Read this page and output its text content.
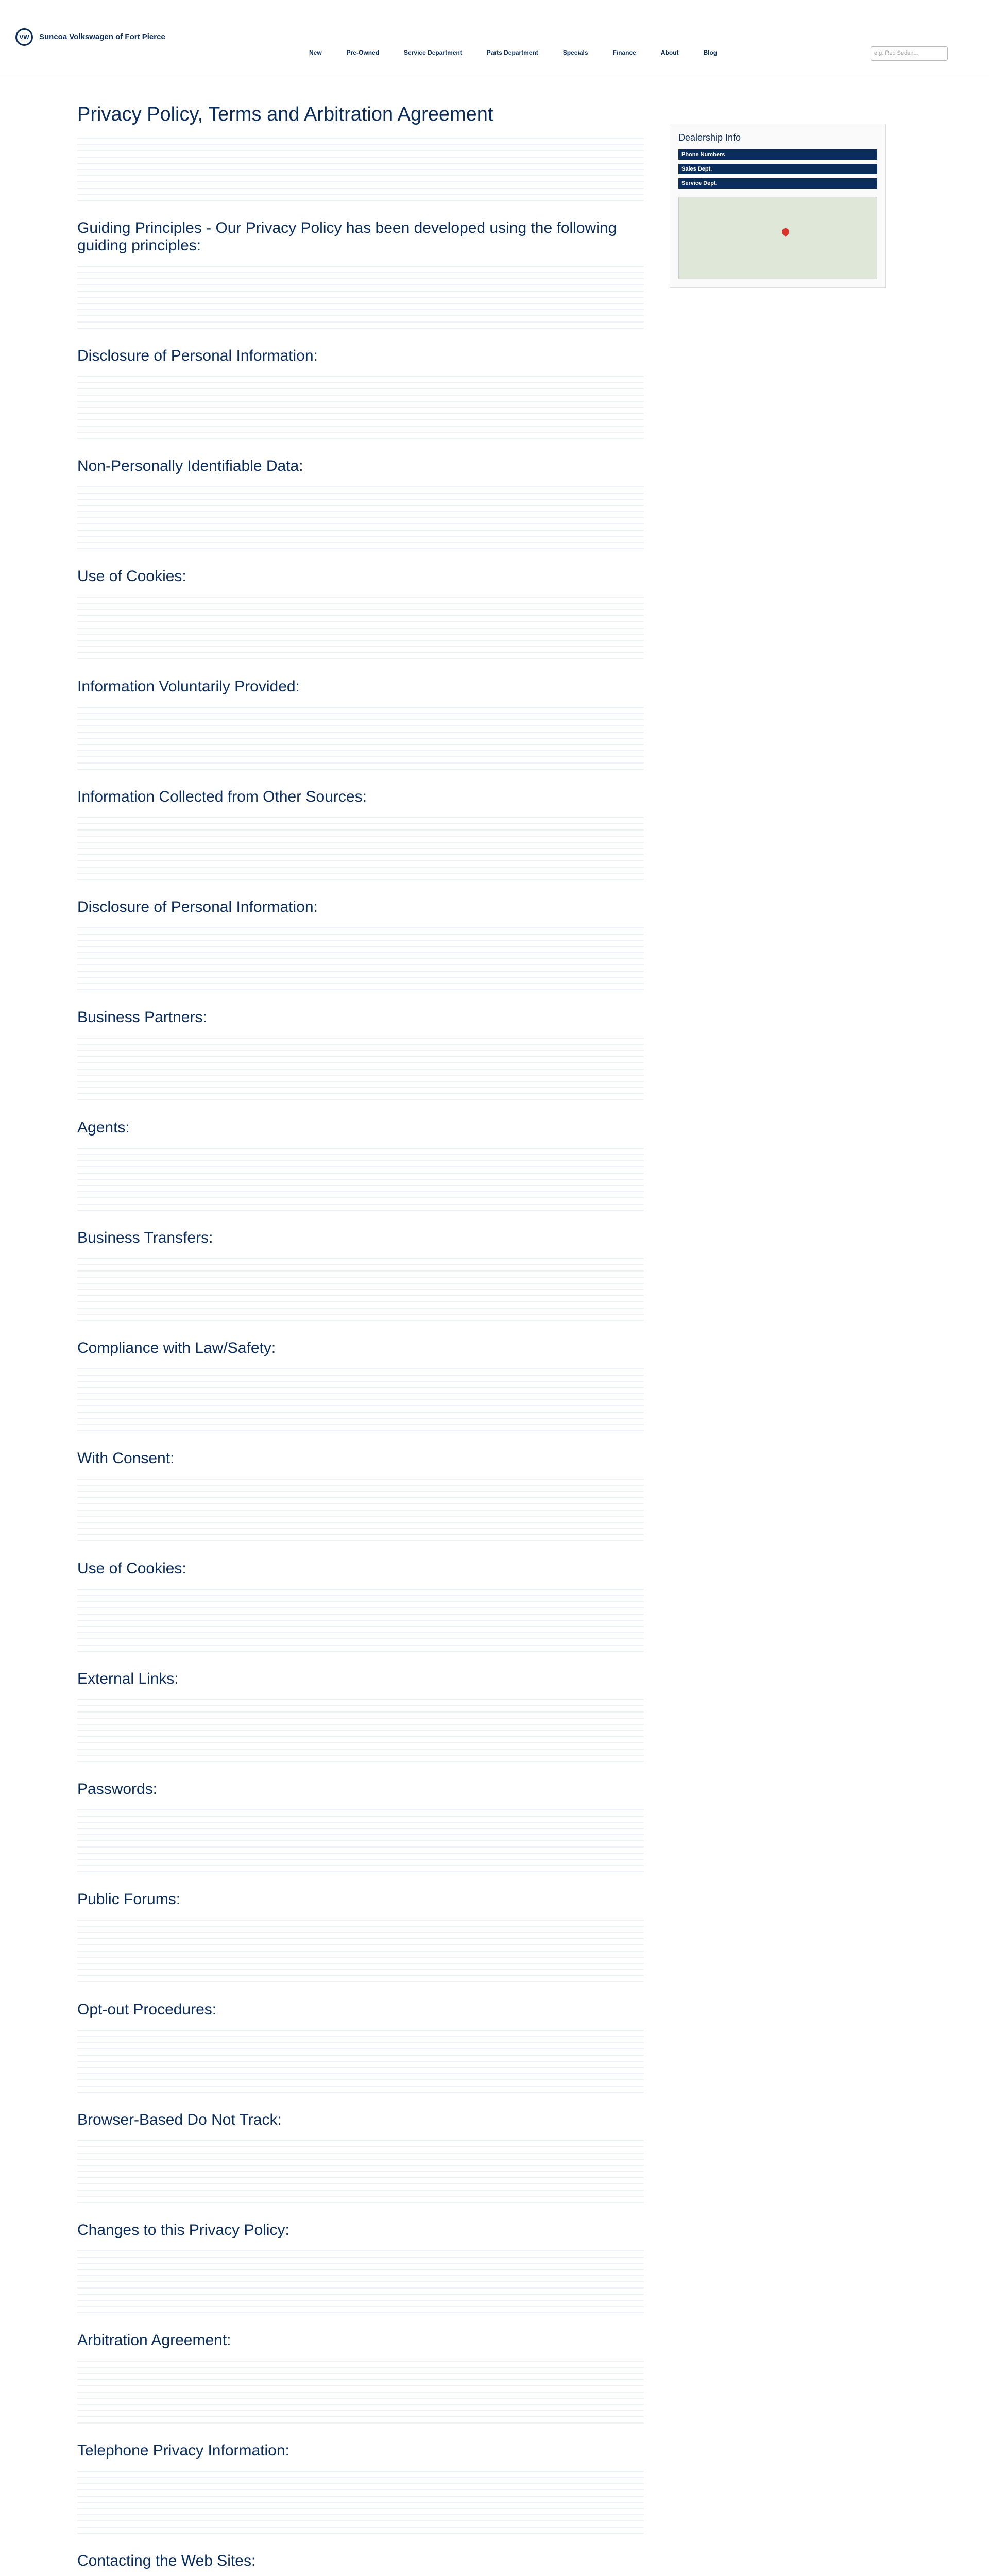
VW	Suncoa Volkswagen of Fort Pierce
New	Pre-Owned	Service Department	Parts Department	Specials	Finance	About	Blog	e.g. Red Sedan...
Privacy Policy, Terms and Arbitration Agreement
Guiding Principles - Our Privacy Policy has been developed using the following guiding principles:
Disclosure of Personal Information:
Non-Personally Identifiable Data:
Use of Cookies:
Information Voluntarily Provided:
Information Collected from Other Sources:
Disclosure of Personal Information:
Business Partners:
Agents:
Business Transfers:
Compliance with Law/Safety:
With Consent:
Use of Cookies:
External Links:
Passwords:
Public Forums:
Opt-out Procedures:
Browser-Based Do Not Track:
Changes to this Privacy Policy:
Arbitration Agreement:
Telephone Privacy Information:
Contacting the Web Sites:
Dealership Info
Phone Numbers
Sales Dept.
Service Dept.
